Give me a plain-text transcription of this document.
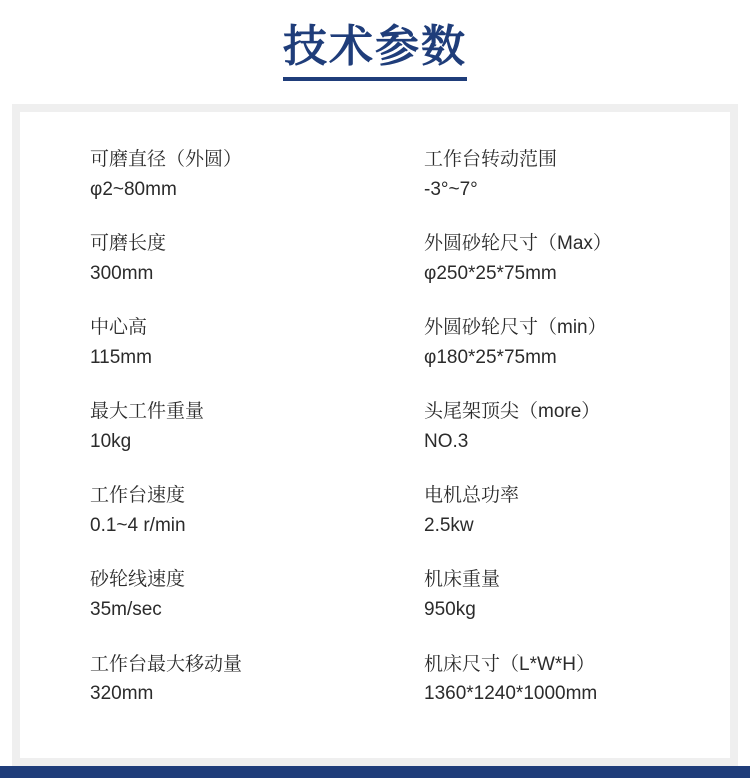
技术参数
可磨直径（外圆）
φ2~80mm
工作台转动范围
-3°~7°
可磨长度
300mm
外圆砂轮尺寸（Max）
φ250*25*75mm
中心高
115mm
外圆砂轮尺寸（min）
φ180*25*75mm
最大工件重量
10kg
头尾架顶尖（more）
NO.3
工作台速度
0.1~4 r/min
电机总功率
2.5kw
砂轮线速度
35m/sec
机床重量
950kg
工作台最大移动量
320mm
机床尺寸（L*W*H）
1360*1240*1000mm
